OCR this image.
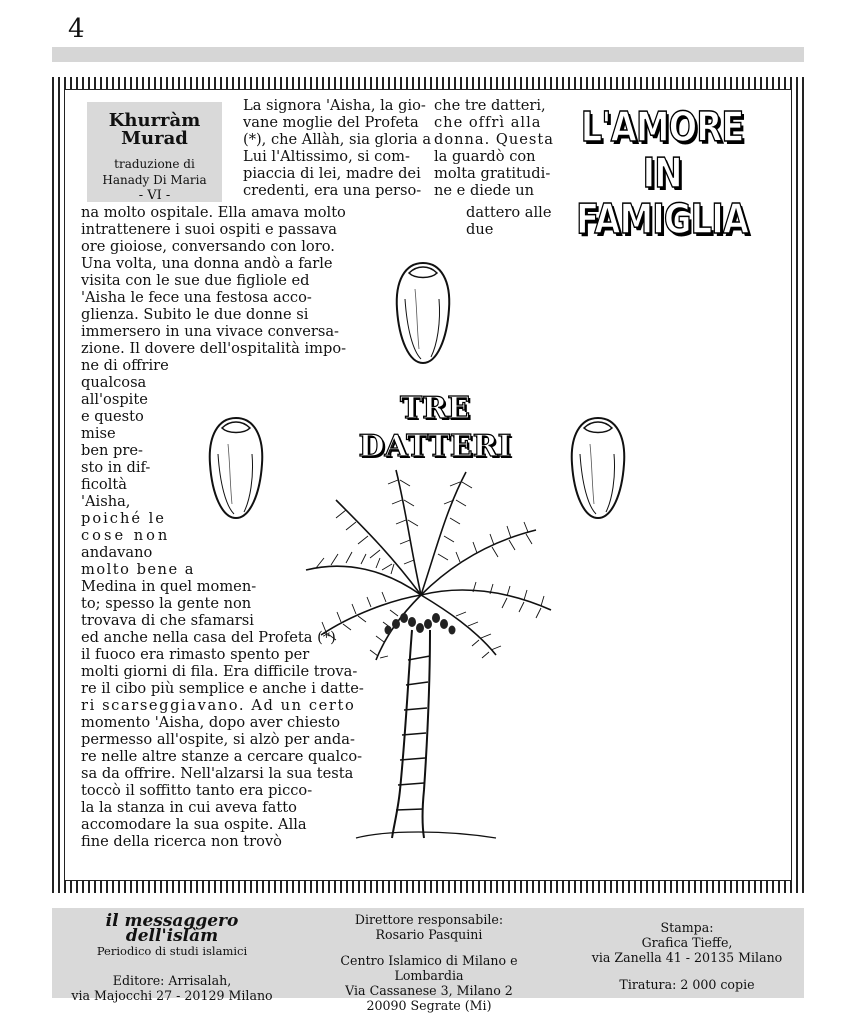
4
Khurràm Murad
traduzione di
Hanady Di Maria
- VI -
L'AMORE
IN FAMIGLIA
TRE
DATTERI
La signora 'Aisha, la gio-
vane moglie del Profeta
(*), che Allàh, sia gloria a
Lui l'Altissimo, si com-
piaccia di lei, madre dei
credenti, era una perso-
na molto ospitale. Ella amava molto
intrattenere i suoi ospiti e passava
ore gioiose, conversando con loro.
Una volta, una donna andò a farle
visita con le sue due figliole ed
'Aisha le fece una festosa acco-
glienza. Subito le due donne si
immersero in una vivace conversa-
zione. Il dovere dell'ospitalità impo-
ne di offrire
qualcosa
all'ospite
e questo
mise
ben pre-
sto in dif-
ficoltà
'Aisha,
poiché le
cose non
andavano
molto bene a
Medina in quel momen-
to; spesso la gente non
trovava di che sfamarsi
ed anche nella casa del Profeta (*)
il fuoco era rimasto spento per
molti giorni di fila. Era difficile trova-
re il cibo più semplice e anche i datte-
ri scarseggiavano. Ad un certo
momento 'Aisha, dopo aver chiesto
permesso all'ospite, si alzò per anda-
re nelle altre stanze a cercare qualco-
sa da offrire. Nell'alzarsi la sua testa
toccò il soffitto tanto era picco-
la la stanza in cui aveva fatto
accomodare la sua ospite. Alla
fine della ricerca non trovò
che tre datteri,
che offrì alla
donna. Questa
la guardò con
molta gratitudi-
ne e diede un
dattero alle
due
il messaggero dell'islàm
Periodico di studi islamici
Editore: Arrisalah,
via Majocchi 27 - 20129 Milano
Direttore responsabile:
Rosario Pasquini
Centro Islamico di Milano e Lombardia
Via Cassanese 3, Milano 2
20090 Segrate (Mi)
Stampa:
Grafica Tieffe,
via Zanella 41 - 20135 Milano
Tiratura: 2 000 copie
